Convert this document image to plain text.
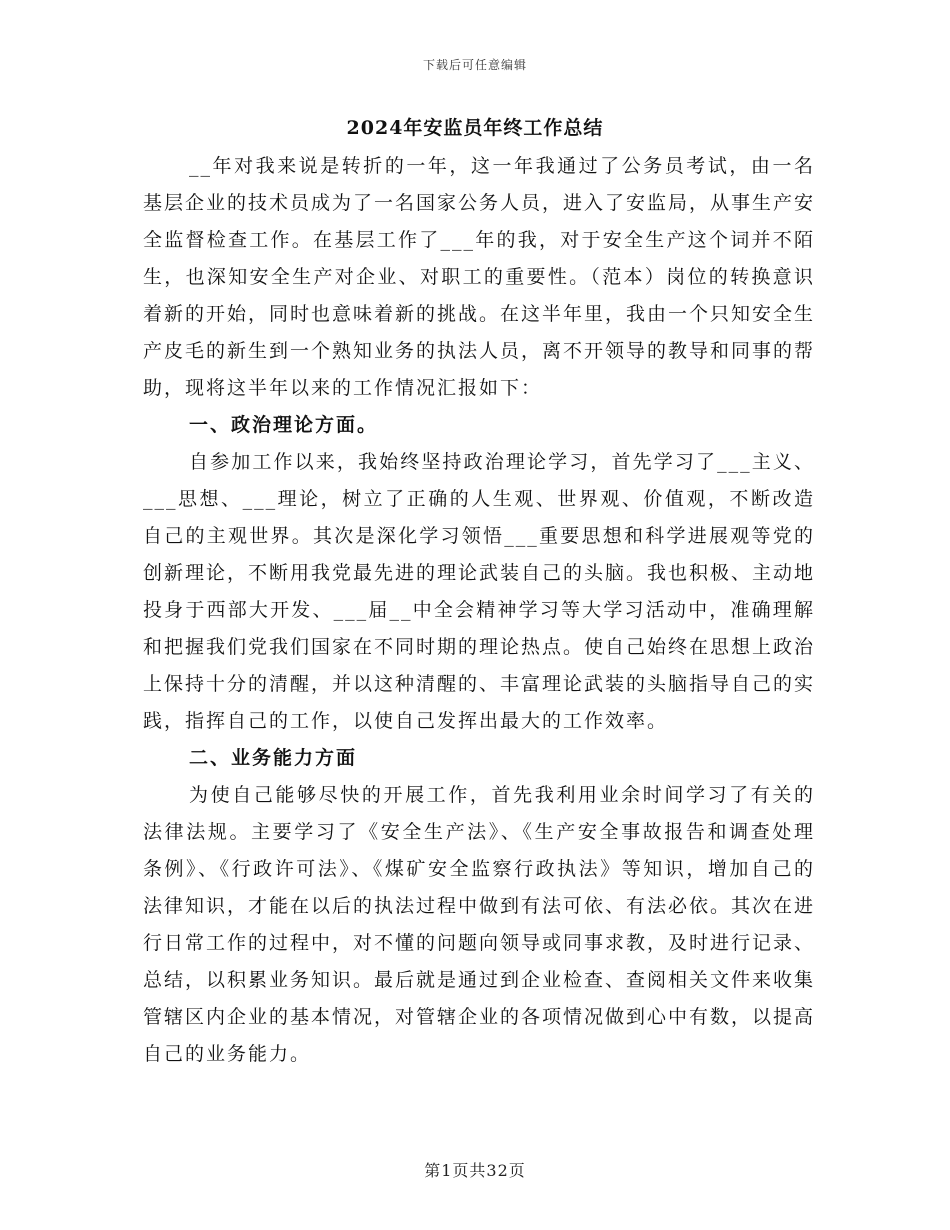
下载后可任意编辑
2024年安监员年终工作总结

__年对我来说是转折的一年，这一年我通过了公务员考试，由一名基层企业的技术员成为了一名国家公务人员，进入了安监局，从事生产安全监督检查工作。在基层工作了___年的我，对于安全生产这个词并不陌生，也深知安全生产对企业、对职工的重要性。（范本）岗位的转换意识着新的开始，同时也意味着新的挑战。在这半年里，我由一个只知安全生产皮毛的新生到一个熟知业务的执法人员，离不开领导的教导和同事的帮助，现将这半年以来的工作情况汇报如下：

一、政治理论方面。

自参加工作以来，我始终坚持政治理论学习，首先学习了___主义、___思想、___理论，树立了正确的人生观、世界观、价值观，不断改造自己的主观世界。其次是深化学习领悟___重要思想和科学进展观等党的创新理论，不断用我党最先进的理论武装自己的头脑。我也积极、主动地投身于西部大开发、___届__中全会精神学习等大学习活动中，准确理解和把握我们党我们国家在不同时期的理论热点。使自己始终在思想上政治上保持十分的清醒，并以这种清醒的、丰富理论武装的头脑指导自己的实践，指挥自己的工作，以使自己发挥出最大的工作效率。

二、业务能力方面

为使自己能够尽快的开展工作，首先我利用业余时间学习了有关的法律法规。主要学习了《安全生产法》、《生产安全事故报告和调查处理条例》、《行政许可法》、《煤矿安全监察行政执法》等知识，增加自己的法律知识，才能在以后的执法过程中做到有法可依、有法必依。其次在进行日常工作的过程中，对不懂的问题向领导或同事求教，及时进行记录、总结，以积累业务知识。最后就是通过到企业检查、查阅相关文件来收集管辖区内企业的基本情况，对管辖企业的各项情况做到心中有数，以提高自己的业务能力。

第1页共32页
